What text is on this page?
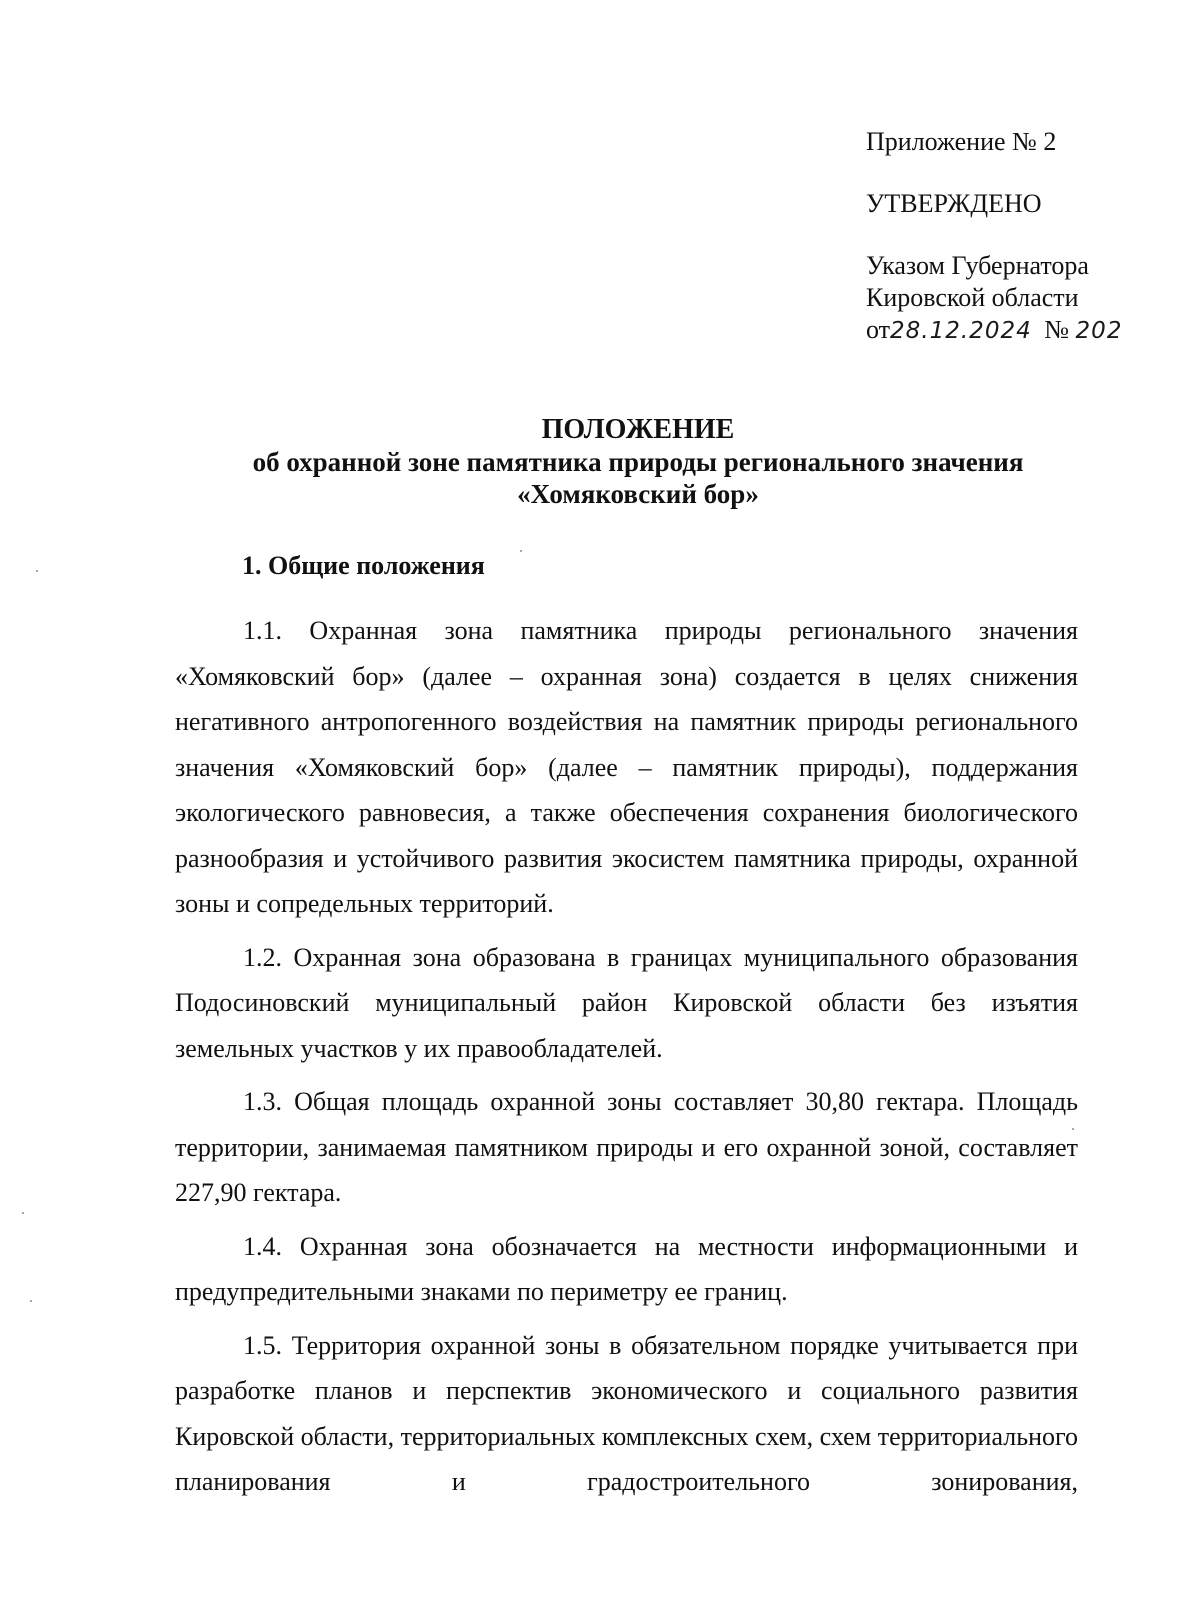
Приложение № 2
УТВЕРЖДЕНО
Указом Губернатора
Кировской области
от28.12.2024 № 202
ПОЛОЖЕНИЕ
об охранной зоне памятника природы регионального значения
«Хомяковский бор»
1. Общие положения

1.1. Охранная зона памятника природы регионального значения «Хомяковский бор» (далее – охранная зона) создается в целях снижения негативного антропогенного воздействия на памятник природы регионального значения «Хомяковский бор» (далее – памятник природы), поддержания экологического равновесия, а также обеспечения сохранения биологического разнообразия и устойчивого развития экосистем памятника природы, охранной зоны и сопредельных территорий.

1.2. Охранная зона образована в границах муниципального образования Подосиновский муниципальный район Кировской области без изъятия земельных участков у их правообладателей.

1.3. Общая площадь охранной зоны составляет 30,80 гектара. Площадь территории, занимаемая памятником природы и его охранной зоной, составляет 227,90 гектара.

1.4. Охранная зона обозначается на местности информационными и предупредительными знаками по периметру ее границ.

1.5. Территория охранной зоны в обязательном порядке учитывается при разработке планов и перспектив экономического и социального развития Кировской области, территориальных комплексных схем, схем территориального планирования и градостроительного зонирования,
